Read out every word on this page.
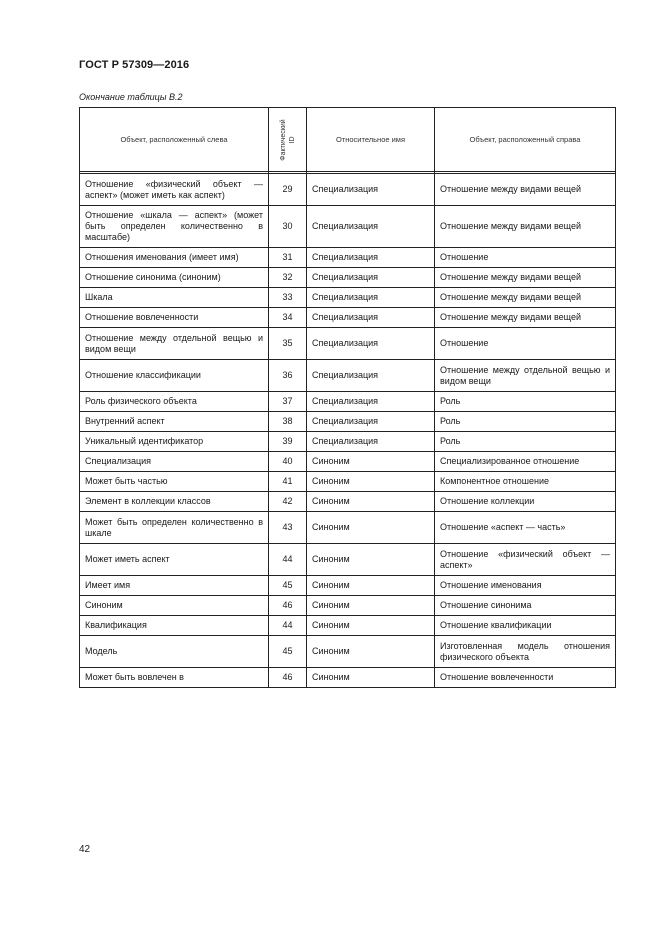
ГОСТ Р 57309—2016
Окончание таблицы В.2
Объект, расположенный слева	Фактический ID	Относительное имя	Объект, расположенный справа

Отношение «физический объект — аспект» (может иметь как аспект)	29	Специализация	Отношение между видами вещей
Отношение «шкала — аспект» (может быть определен количественно в масштабе)	30	Специализация	Отношение между видами вещей
Отношения именования (имеет имя)	31	Специализация	Отношение
Отношение синонима (синоним)	32	Специализация	Отношение между видами вещей
Шкала	33	Специализация	Отношение между видами вещей
Отношение вовлеченности	34	Специализация	Отношение между видами вещей
Отношение между отдельной вещью и видом вещи	35	Специализация	Отношение
Отношение классификации	36	Специализация	Отношение между отдельной вещью и видом вещи
Роль физического объекта	37	Специализация	Роль
Внутренний аспект	38	Специализация	Роль
Уникальный идентификатор	39	Специализация	Роль
Специализация	40	Синоним	Специализированное отношение
Может быть частью	41	Синоним	Компонентное отношение
Элемент в коллекции классов	42	Синоним	Отношение коллекции
Может быть определен количественно в шкале	43	Синоним	Отношение «аспект — часть»
Может иметь аспект	44	Синоним	Отношение «физический объект — аспект»
Имеет имя	45	Синоним	Отношение именования
Синоним	46	Синоним	Отношение синонима
Квалификация	44	Синоним	Отношение квалификации
Модель	45	Синоним	Изготовленная модель отношения физического объекта
Может быть вовлечен в	46	Синоним	Отношение вовлеченности
42
